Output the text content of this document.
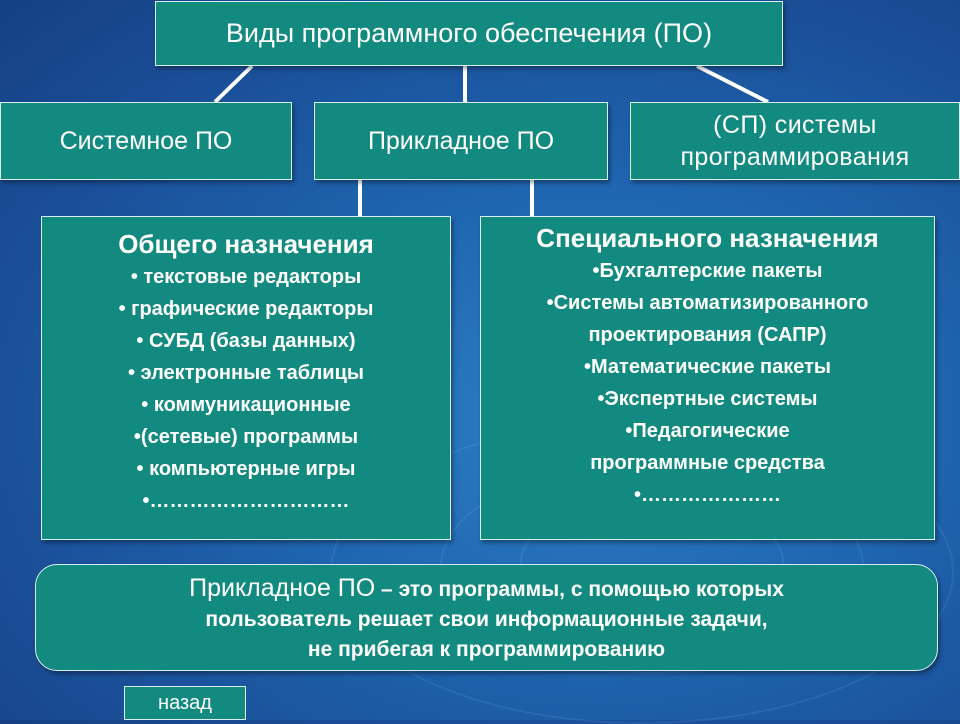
Виды программного обеспечения (ПО)
Системное ПО	Прикладное ПО
(СП) системы
программирования
Общего назначения
• текстовые редакторы
• графические редакторы
• СУБД (базы данных)
• электронные таблицы
• коммуникационные
•(сетевые) программы
• компьютерные игры
•…………………………
Специального назначения
•Бухгалтерские пакеты
•Системы автоматизированного
проектирования (САПР)
•Математические пакеты
•Экспертные системы
•Педагогические
программные средства
•…………………
Прикладное ПО – это программы, с помощью которых
пользователь решает свои информационные задачи,
не прибегая к программированию
назад
